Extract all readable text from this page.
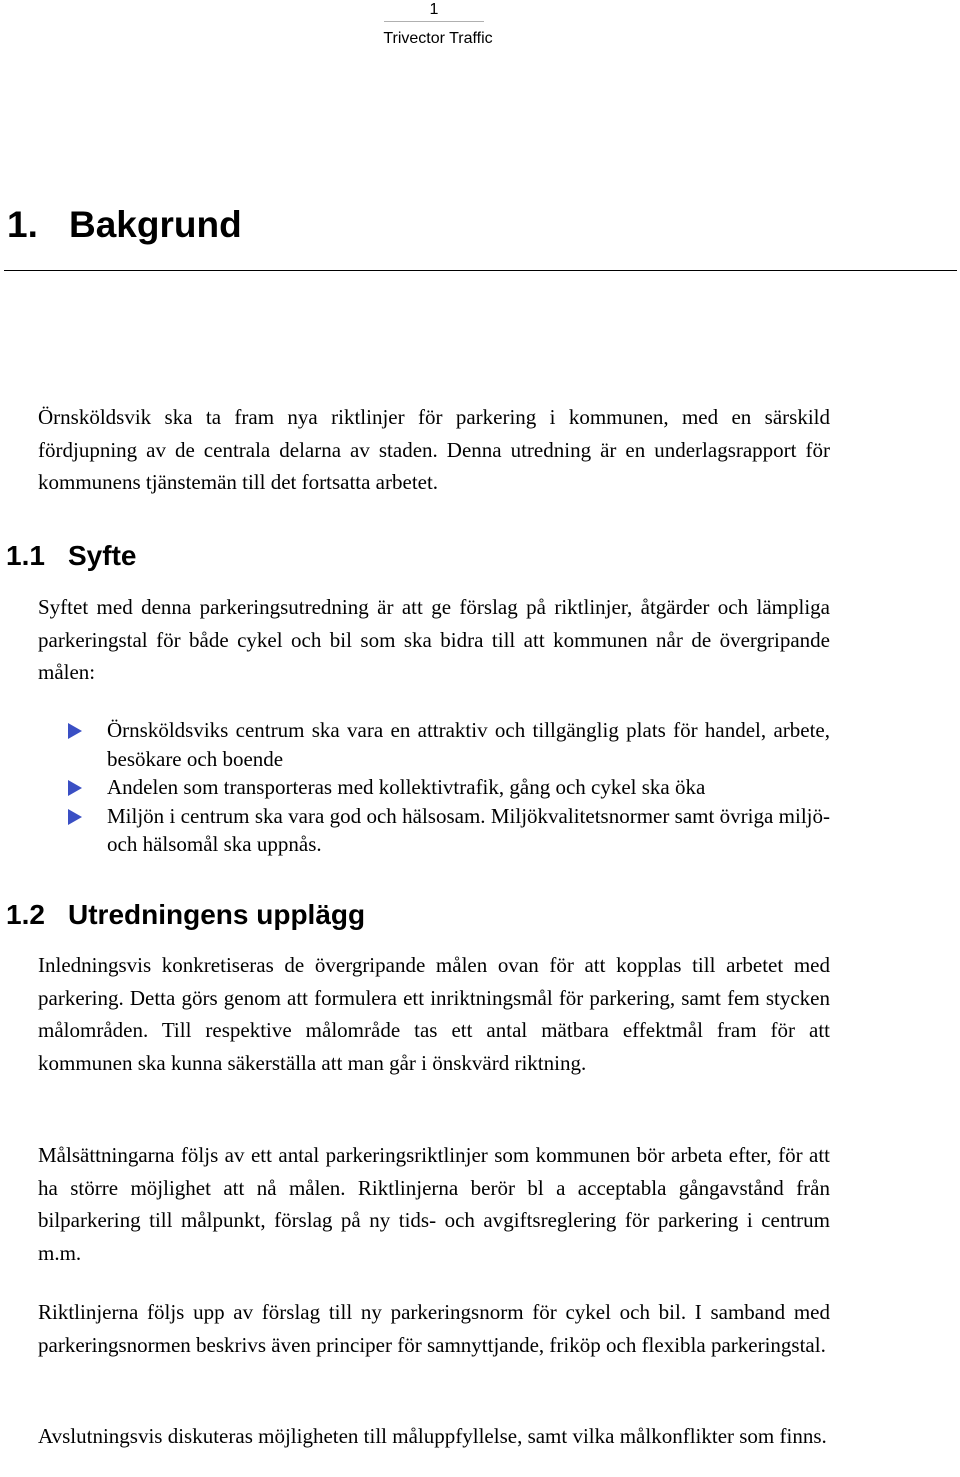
1
Trivector Traffic
1. Bakgrund

Örnsköldsvik ska ta fram nya riktlinjer för parkering i kommunen, med en särskild fördjupning av de centrala delarna av staden. Denna utredning är en underlagsrapport för kommunens tjänstemän till det fortsatta arbetet.

1.1 Syfte

Syftet med denna parkeringsutredning är att ge förslag på riktlinjer, åtgärder och lämpliga parkeringstal för både cykel och bil som ska bidra till att kommunen når de övergripande målen:

Örnsköldsviks centrum ska vara en attraktiv och tillgänglig plats för handel, arbete, besökare och boende
Andelen som transporteras med kollektivtrafik, gång och cykel ska öka
Miljön i centrum ska vara god och hälsosam. Miljökvalitetsnormer samt övriga miljö- och hälsomål ska uppnås.
1.2 Utredningens upplägg

Inledningsvis konkretiseras de övergripande målen ovan för att kopplas till arbetet med parkering. Detta görs genom att formulera ett inriktningsmål för parkering, samt fem stycken målområden. Till respektive målområde tas ett antal mätbara effektmål fram för att kommunen ska kunna säkerställa att man går i önskvärd riktning.

Målsättningarna följs av ett antal parkeringsriktlinjer som kommunen bör arbeta efter, för att ha större möjlighet att nå målen. Riktlinjerna berör bl a acceptabla gångavstånd från bilparkering till målpunkt, förslag på ny tids- och avgiftsreglering för parkering i centrum m.m.

Riktlinjerna följs upp av förslag till ny parkeringsnorm för cykel och bil. I samband med parkeringsnormen beskrivs även principer för samnyttjande, friköp och flexibla parkeringstal.

Avslutningsvis diskuteras möjligheten till måluppfyllelse, samt vilka målkonflikter som finns.
